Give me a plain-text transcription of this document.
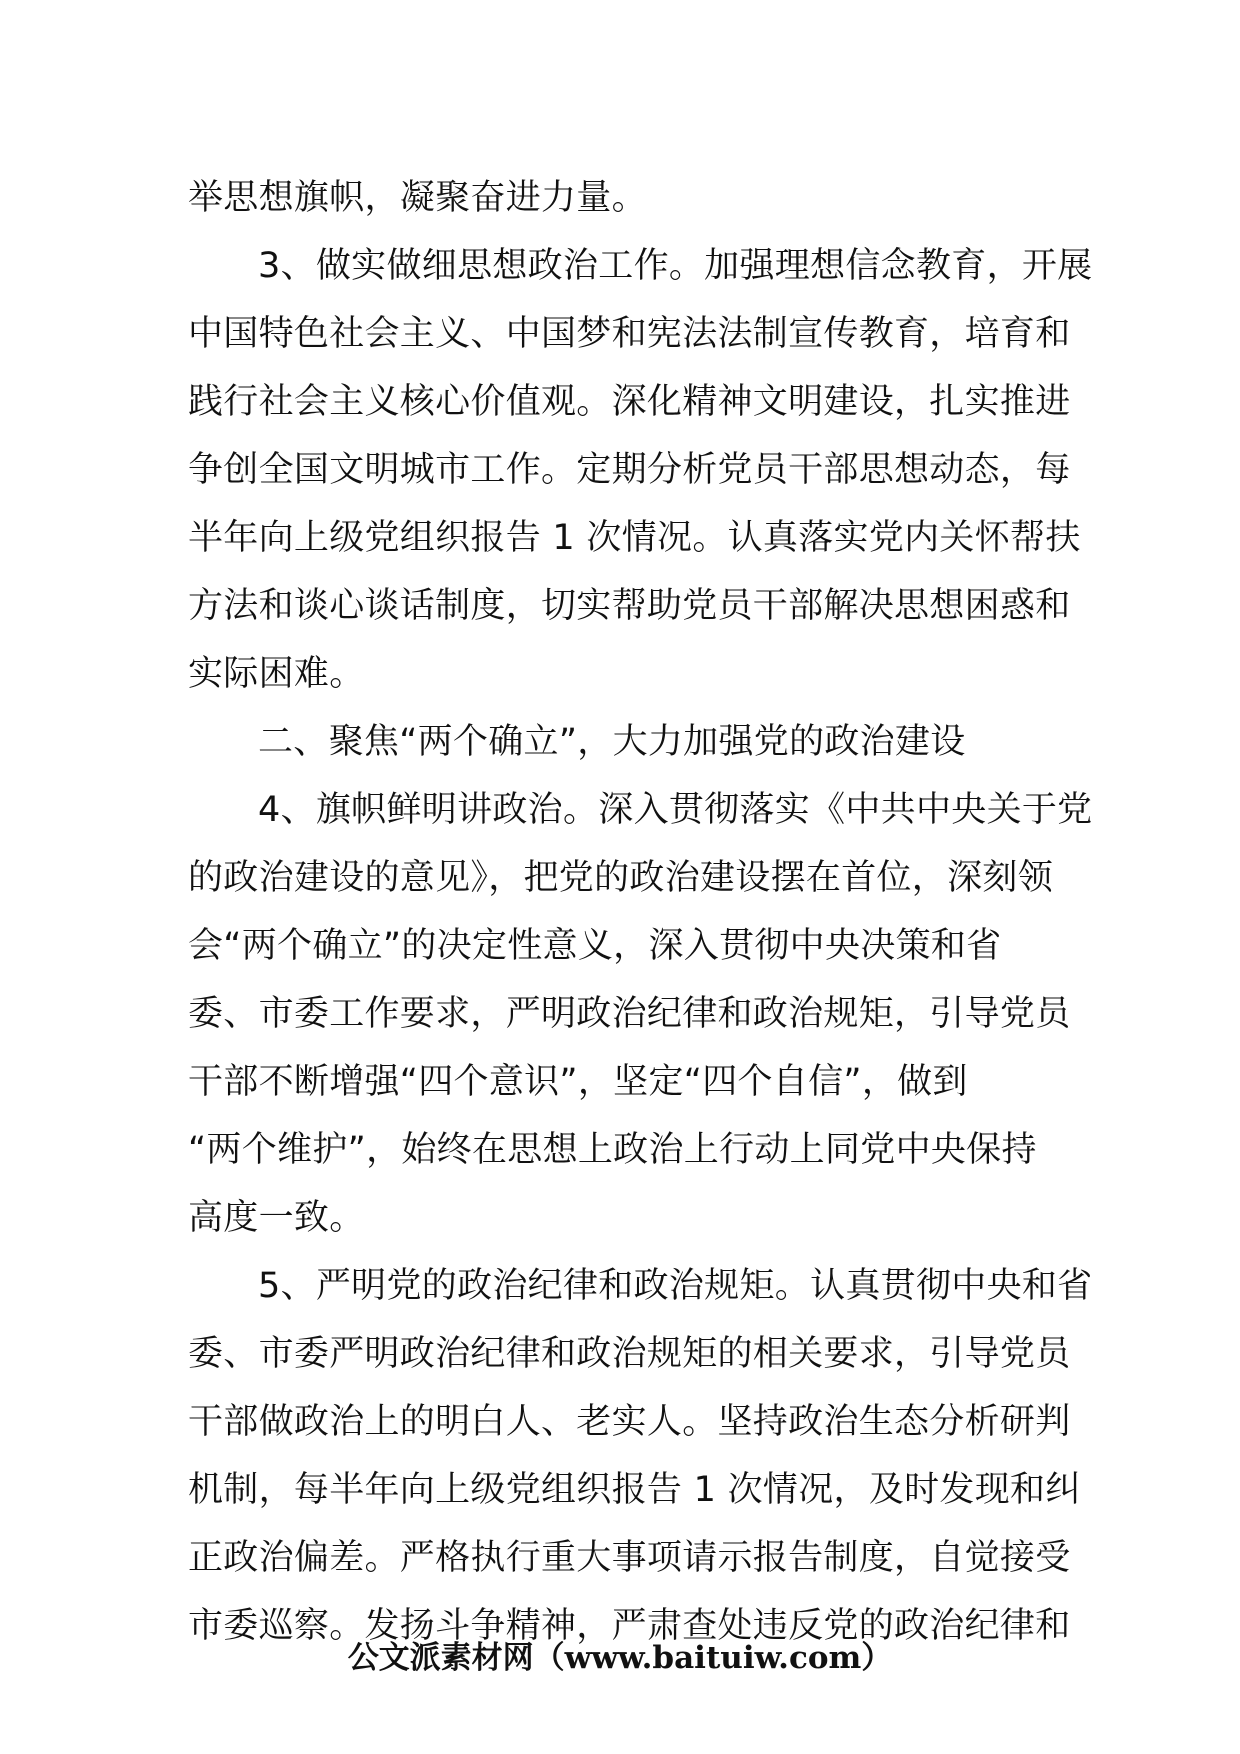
举思想旗帜，凝聚奋进力量。
3、做实做细思想政治工作。加强理想信念教育，开展
中国特色社会主义、中国梦和宪法法制宣传教育，培育和
践行社会主义核心价值观。深化精神文明建设，扎实推进
争创全国文明城市工作。定期分析党员干部思想动态，每
半年向上级党组织报告 1 次情况。认真落实党内关怀帮扶
方法和谈心谈话制度，切实帮助党员干部解决思想困惑和
实际困难。
二、聚焦“两个确立”，大力加强党的政治建设
4、旗帜鲜明讲政治。深入贯彻落实《中共中央关于党
的政治建设的意见》，把党的政治建设摆在首位，深刻领
会“两个确立”的决定性意义，深入贯彻中央决策和省
委、市委工作要求，严明政治纪律和政治规矩，引导党员
干部不断增强“四个意识”，坚定“四个自信”，做到
“两个维护”，始终在思想上政治上行动上同党中央保持
高度一致。
5、严明党的政治纪律和政治规矩。认真贯彻中央和省
委、市委严明政治纪律和政治规矩的相关要求，引导党员
干部做政治上的明白人、老实人。坚持政治生态分析研判
机制，每半年向上级党组织报告 1 次情况，及时发现和纠
正政治偏差。严格执行重大事项请示报告制度，自觉接受
市委巡察。发扬斗争精神，严肃查处违反党的政治纪律和
公文派素材网（www.baituiw.com）
